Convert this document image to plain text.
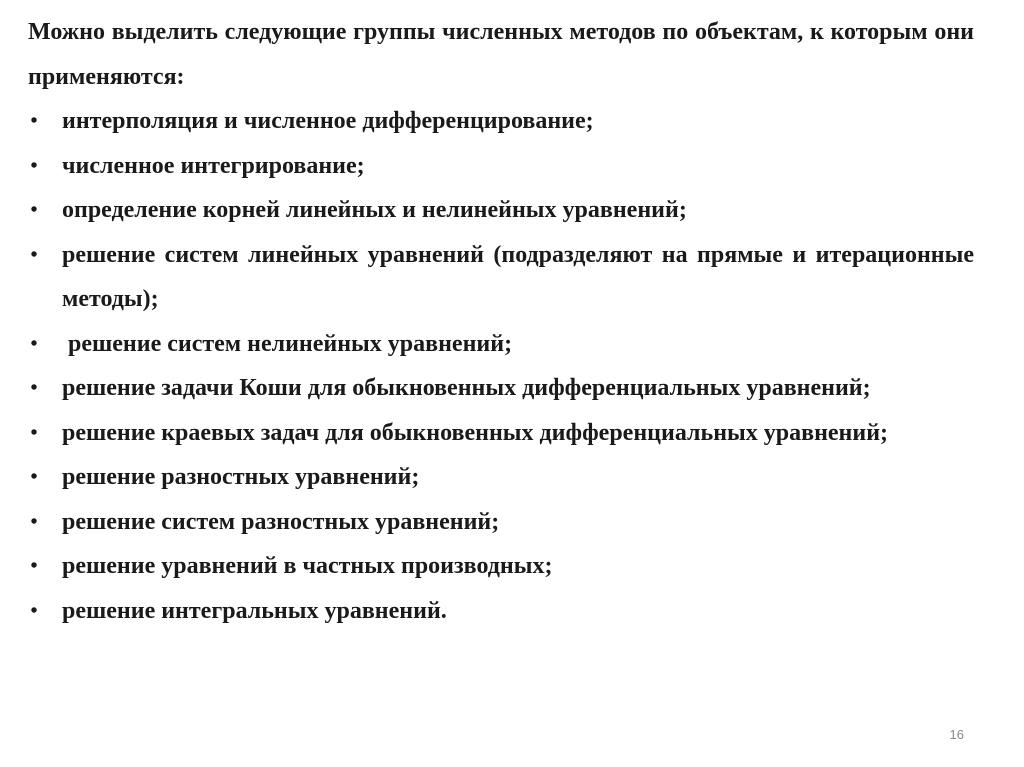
Можно выделить следующие группы численных методов по объектам, к которым они применяются:

• интерполяция и численное дифференцирование;
• численное интегрирование;
• определение корней линейных и нелинейных уравнений;
• решение систем линейных уравнений (подразделяют на прямые и итерационные методы);
• решение систем нелинейных уравнений;
• решение задачи Коши для обыкновенных дифференциальных уравнений;
• решение краевых задач для обыкновенных дифференциальных уравнений;
• решение разностных уравнений;
• решение систем разностных уравнений;
• решение уравнений в частных производных;
• решение интегральных уравнений.
16
